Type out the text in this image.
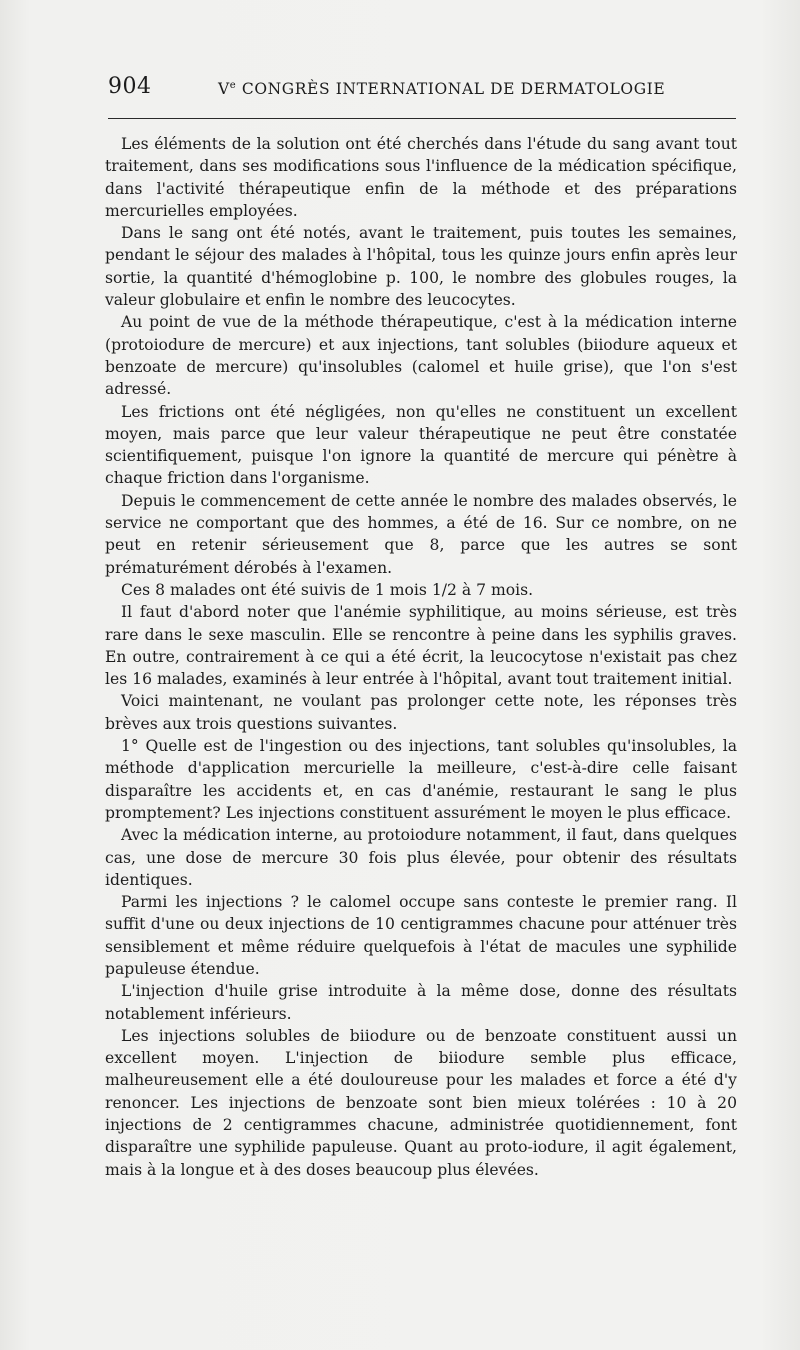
904	Ve CONGRÈS INTERNATIONAL DE DERMATOLOGIE

Les éléments de la solution ont été cherchés dans l'étude du sang avant tout traitement, dans ses modifications sous l'influence de la médication spécifique, dans l'activité thérapeutique enfin de la méthode et des préparations mercurielles employées.

Dans le sang ont été notés, avant le traitement, puis toutes les semaines, pendant le séjour des malades à l'hôpital, tous les quinze jours enfin après leur sortie, la quantité d'hémoglobine p. 100, le nombre des globules rouges, la valeur globulaire et enfin le nombre des leucocytes.

Au point de vue de la méthode thérapeutique, c'est à la médication interne (protoiodure de mercure) et aux injections, tant solubles (biiodure aqueux et benzoate de mercure) qu'insolubles (calomel et huile grise), que l'on s'est adressé.

Les frictions ont été négligées, non qu'elles ne constituent un excellent moyen, mais parce que leur valeur thérapeutique ne peut être constatée scientifiquement, puisque l'on ignore la quantité de mercure qui pénètre à chaque friction dans l'organisme.

Depuis le commencement de cette année le nombre des malades observés, le service ne comportant que des hommes, a été de 16. Sur ce nombre, on ne peut en retenir sérieusement que 8, parce que les autres se sont prématurément dérobés à l'examen.

Ces 8 malades ont été suivis de 1 mois 1/2 à 7 mois.

Il faut d'abord noter que l'anémie syphilitique, au moins sérieuse, est très rare dans le sexe masculin. Elle se rencontre à peine dans les syphilis graves. En outre, contrairement à ce qui a été écrit, la leucocytose n'existait pas chez les 16 malades, examinés à leur entrée à l'hôpital, avant tout traitement initial.

Voici maintenant, ne voulant pas prolonger cette note, les réponses très brèves aux trois questions suivantes.

1° Quelle est de l'ingestion ou des injections, tant solubles qu'insolubles, la méthode d'application mercurielle la meilleure, c'est-à-dire celle faisant disparaître les accidents et, en cas d'anémie, restaurant le sang le plus promptement? Les injections constituent assurément le moyen le plus efficace.

Avec la médication interne, au protoiodure notamment, il faut, dans quelques cas, une dose de mercure 30 fois plus élevée, pour obtenir des résultats identiques.

Parmi les injections ? le calomel occupe sans conteste le premier rang. Il suffit d'une ou deux injections de 10 centigrammes chacune pour atténuer très sensiblement et même réduire quelquefois à l'état de macules une syphilide papuleuse étendue.

L'injection d'huile grise introduite à la même dose, donne des résultats notablement inférieurs.

Les injections solubles de biiodure ou de benzoate constituent aussi un excellent moyen. L'injection de biiodure semble plus efficace, malheureusement elle a été douloureuse pour les malades et force a été d'y renoncer. Les injections de benzoate sont bien mieux tolérées : 10 à 20 injections de 2 centigrammes chacune, administrée quotidiennement, font disparaître une syphilide papuleuse. Quant au proto-iodure, il agit également, mais à la longue et à des doses beaucoup plus élevées.
